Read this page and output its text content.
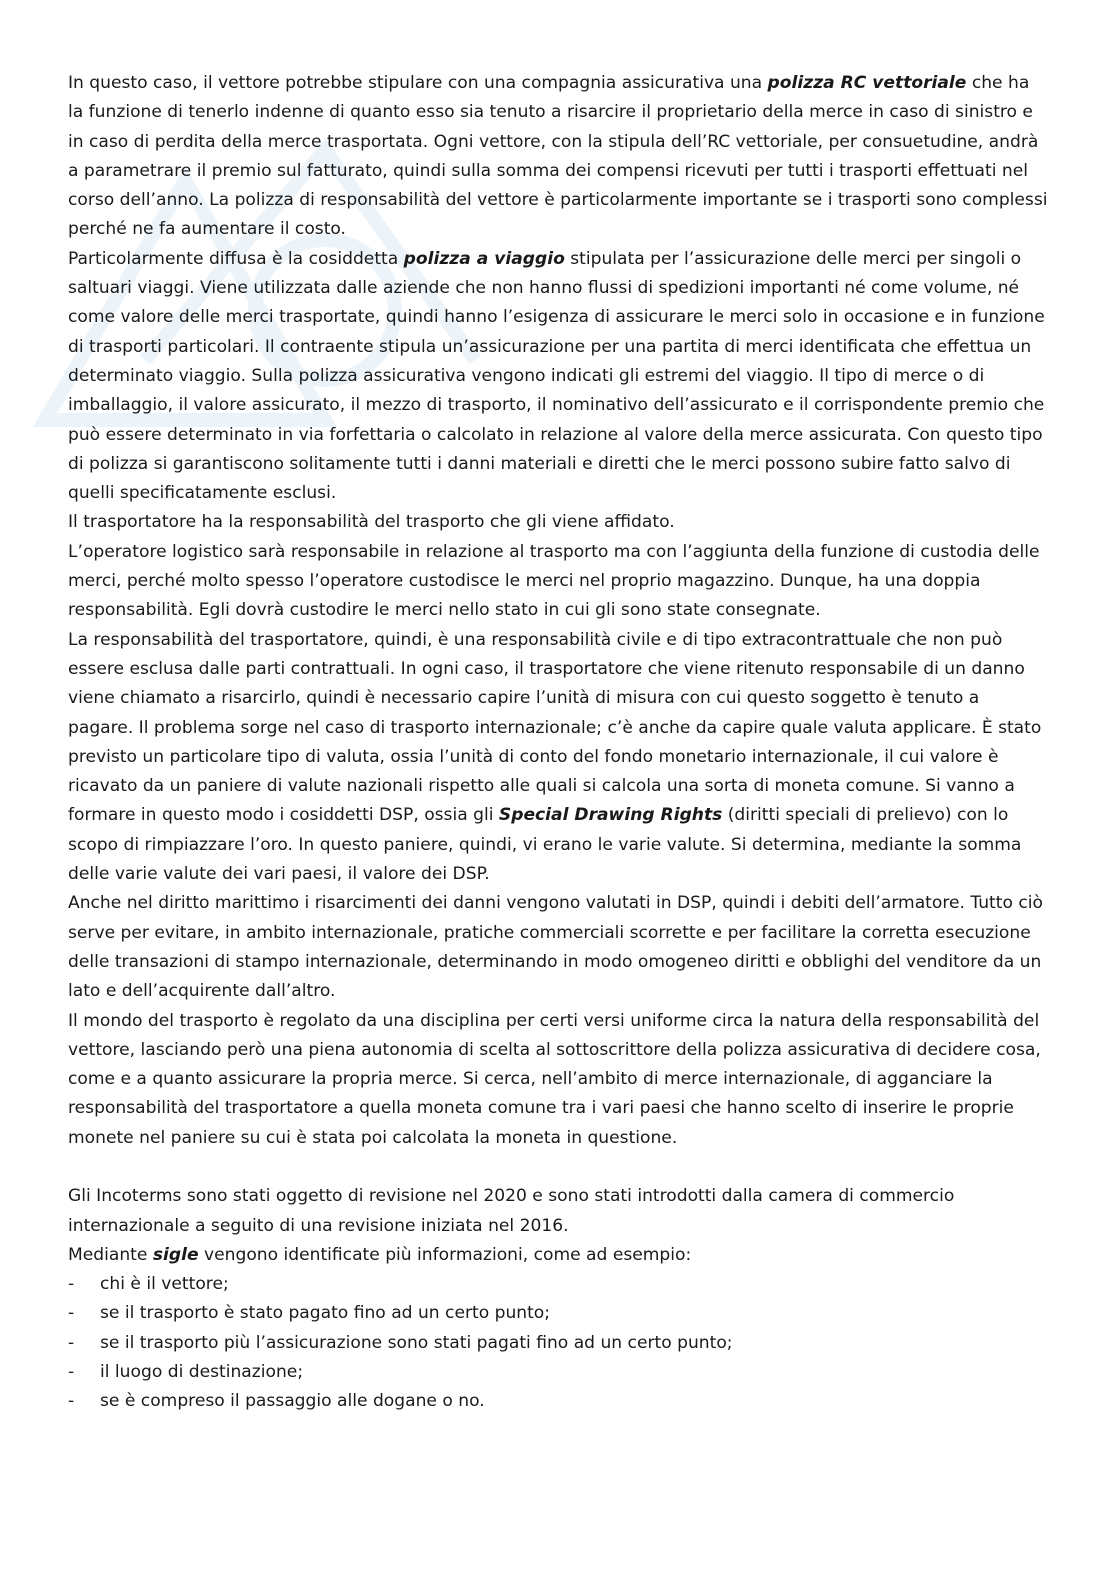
In questo caso, il vettore potrebbe stipulare con una compagnia assicurativa una polizza RC vettoriale che ha la funzione di tenerlo indenne di quanto esso sia tenuto a risarcire il proprietario della merce in caso di sinistro e in caso di perdita della merce trasportata. Ogni vettore, con la stipula dell’RC vettoriale, per consuetudine, andrà a parametrare il premio sul fatturato, quindi sulla somma dei compensi ricevuti per tutti i trasporti effettuati nel corso dell’anno. La polizza di responsabilità del vettore è particolarmente importante se i trasporti sono complessi perché ne fa aumentare il costo.

Particolarmente diffusa è la cosiddetta polizza a viaggio stipulata per l’assicurazione delle merci per singoli o saltuari viaggi. Viene utilizzata dalle aziende che non hanno flussi di spedizioni importanti né come volume, né come valore delle merci trasportate, quindi hanno l’esigenza di assicurare le merci solo in occasione e in funzione di trasporti particolari. Il contraente stipula un’assicurazione per una partita di merci identificata che effettua un determinato viaggio. Sulla polizza assicurativa vengono indicati gli estremi del viaggio. Il tipo di merce o di imballaggio, il valore assicurato, il mezzo di trasporto, il nominativo dell’assicurato e il corrispondente premio che può essere determinato in via forfettaria o calcolato in relazione al valore della merce assicurata. Con questo tipo di polizza si garantiscono solitamente tutti i danni materiali e diretti che le merci possono subire fatto salvo di quelli specificatamente esclusi.

Il trasportatore ha la responsabilità del trasporto che gli viene affidato.

L’operatore logistico sarà responsabile in relazione al trasporto ma con l’aggiunta della funzione di custodia delle merci, perché molto spesso l’operatore custodisce le merci nel proprio magazzino. Dunque, ha una doppia responsabilità. Egli dovrà custodire le merci nello stato in cui gli sono state consegnate.

La responsabilità del trasportatore, quindi, è una responsabilità civile e di tipo extracontrattuale che non può essere esclusa dalle parti contrattuali. In ogni caso, il trasportatore che viene ritenuto responsabile di un danno viene chiamato a risarcirlo, quindi è necessario capire l’unità di misura con cui questo soggetto è tenuto a pagare. Il problema sorge nel caso di trasporto internazionale; c’è anche da capire quale valuta applicare. È stato previsto un particolare tipo di valuta, ossia l’unità di conto del fondo monetario internazionale, il cui valore è ricavato da un paniere di valute nazionali rispetto alle quali si calcola una sorta di moneta comune. Si vanno a formare in questo modo i cosiddetti DSP, ossia gli Special Drawing Rights (diritti speciali di prelievo) con lo scopo di rimpiazzare l’oro. In questo paniere, quindi, vi erano le varie valute. Si determina, mediante la somma delle varie valute dei vari paesi, il valore dei DSP.

Anche nel diritto marittimo i risarcimenti dei danni vengono valutati in DSP, quindi i debiti dell’armatore. Tutto ciò serve per evitare, in ambito internazionale, pratiche commerciali scorrette e per facilitare la corretta esecuzione delle transazioni di stampo internazionale, determinando in modo omogeneo diritti e obblighi del venditore da un lato e dell’acquirente dall’altro.

Il mondo del trasporto è regolato da una disciplina per certi versi uniforme circa la natura della responsabilità del vettore, lasciando però una piena autonomia di scelta al sottoscrittore della polizza assicurativa di decidere cosa, come e a quanto assicurare la propria merce. Si cerca, nell’ambito di merce internazionale, di agganciare la responsabilità del trasportatore a quella moneta comune tra i vari paesi che hanno scelto di inserire le proprie monete nel paniere su cui è stata poi calcolata la moneta in questione.

Gli Incoterms sono stati oggetto di revisione nel 2020 e sono stati introdotti dalla camera di commercio internazionale a seguito di una revisione iniziata nel 2016.

Mediante sigle vengono identificate più informazioni, come ad esempio:

- chi è il vettore;
- se il trasporto è stato pagato fino ad un certo punto;
- se il trasporto più l’assicurazione sono stati pagati fino ad un certo punto;
- il luogo di destinazione;
- se è compreso il passaggio alle dogane o no.
